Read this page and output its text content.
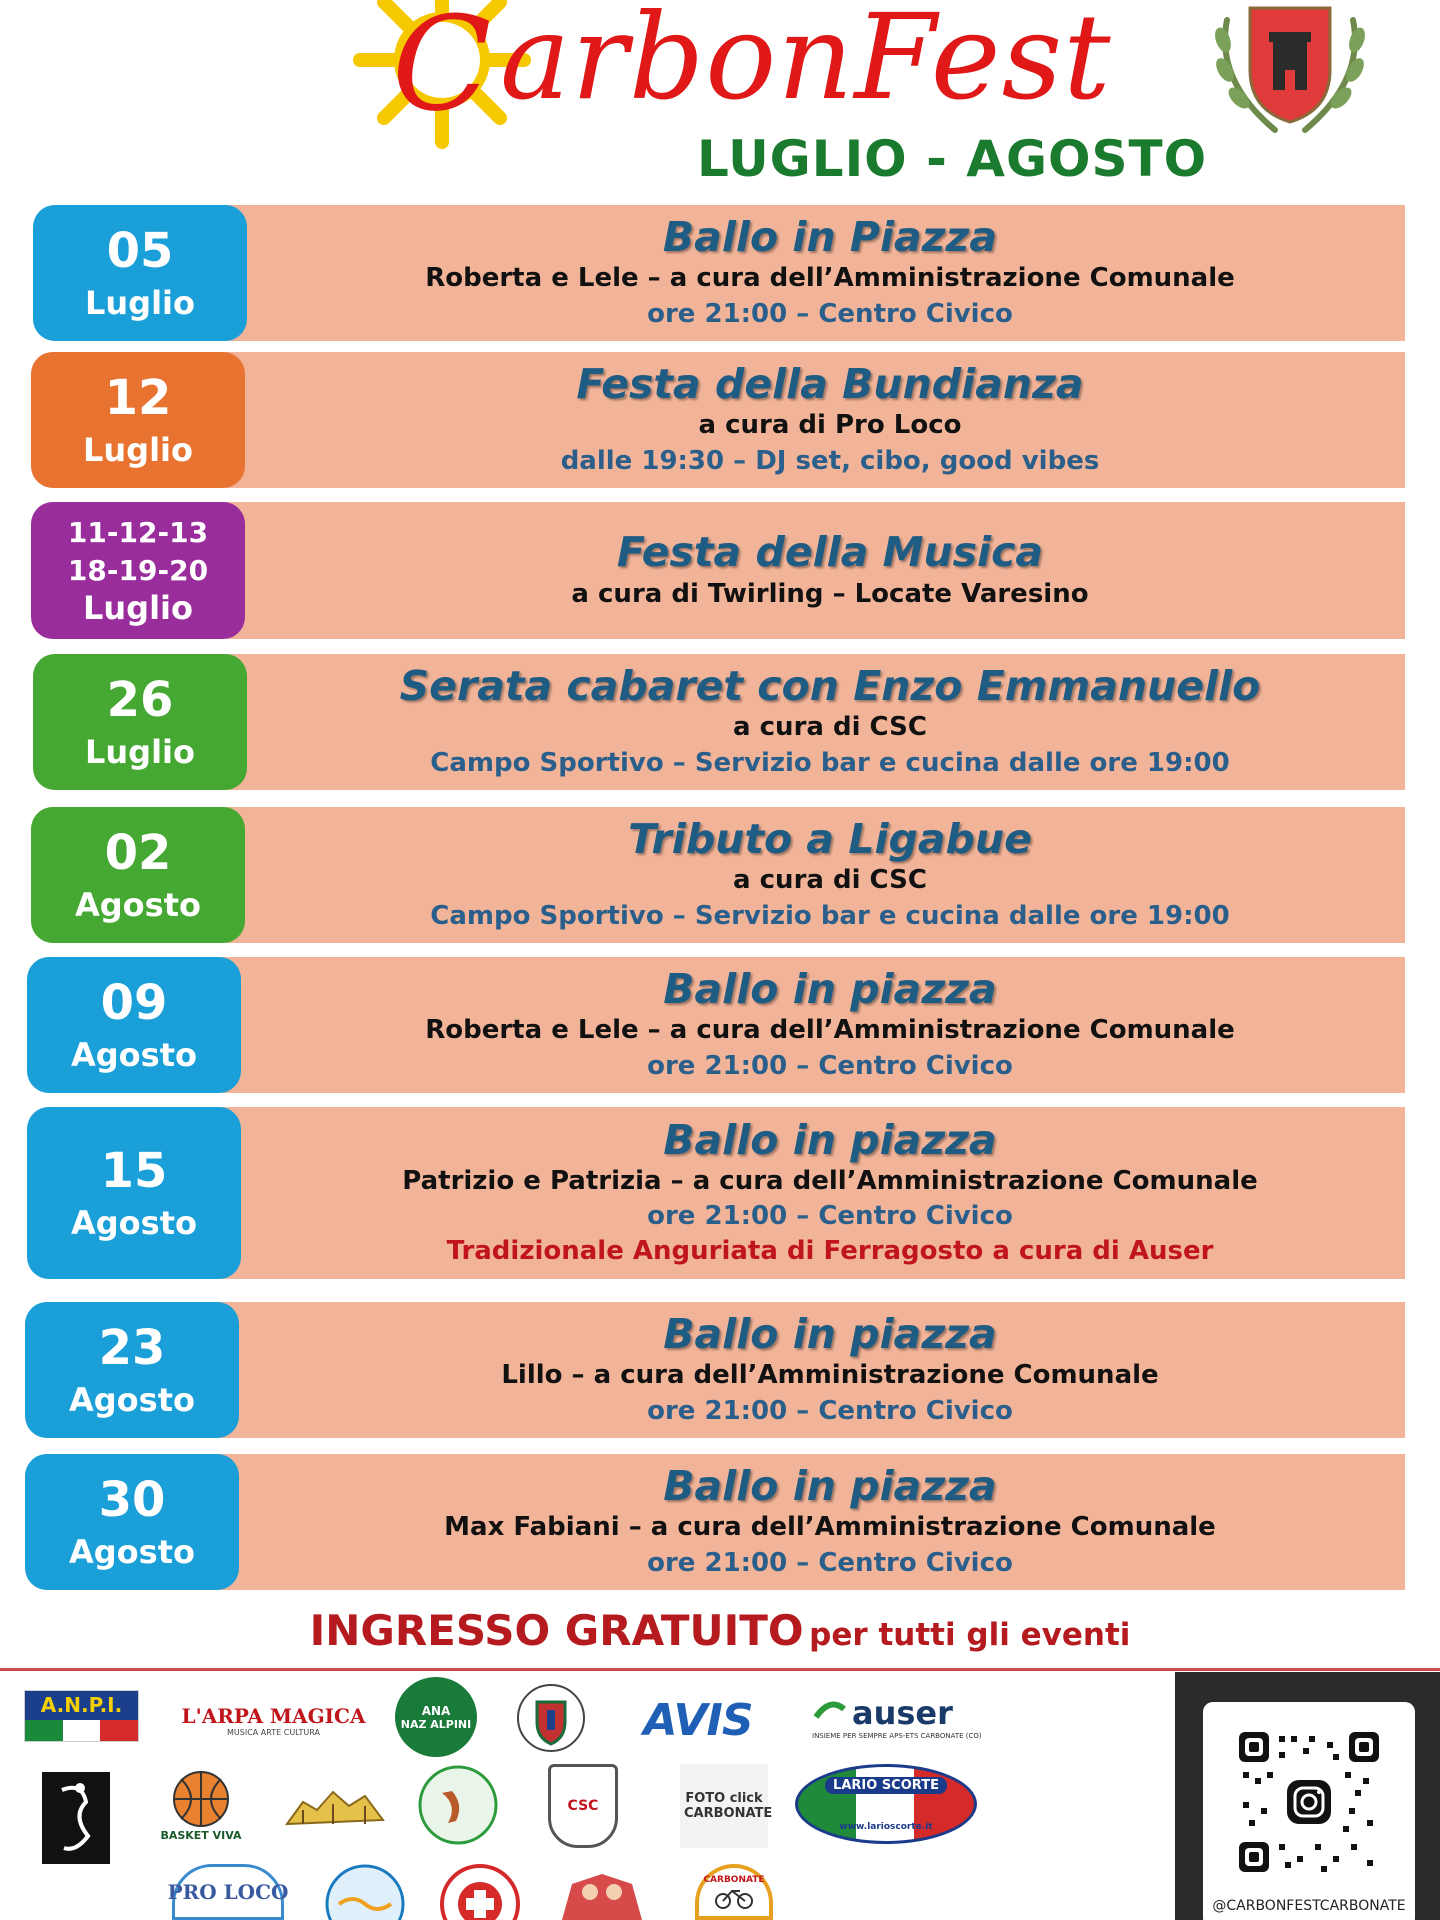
C arbonFest
LUGLIO - AGOSTO
05
Luglio
Ballo in Piazza
Roberta e Lele – a cura dell’Amministrazione Comunale
ore 21:00 – Centro Civico
12
Luglio
Festa della Bundianza
a cura di Pro Loco
dalle 19:30 – DJ set, cibo, good vibes
11-12-13
18-19-20
Luglio
Festa della Musica
a cura di Twirling – Locate Varesino
26
Luglio
Serata cabaret con Enzo Emmanuello
a cura di CSC
Campo Sportivo – Servizio bar e cucina dalle ore 19:00
02
Agosto
Tributo a Ligabue
a cura di CSC
Campo Sportivo – Servizio bar e cucina dalle ore 19:00
09
Agosto
Ballo in piazza
Roberta e Lele – a cura dell’Amministrazione Comunale
ore 21:00 – Centro Civico
15
Agosto
Ballo in piazza
Patrizio e Patrizia – a cura dell’Amministrazione Comunale
ore 21:00 – Centro Civico
Tradizionale Anguriata di Ferragosto a cura di Auser
23
Agosto
Ballo in piazza
Lillo – a cura dell’Amministrazione Comunale
ore 21:00 – Centro Civico
30
Agosto
Ballo in piazza
Max Fabiani – a cura dell’Amministrazione Comunale
ore 21:00 – Centro Civico
INGRESSO GRATUITO per tutti gli eventi
A.N.P.I.	L'ARPA MAGICA
MUSICA ARTE CULTURA
ANA
NAZ ALPINI	AVIS	auser
INSIEME PER SEMPRE APS-ETS CARBONATE (CO)
BASKET VIVA
CSC	FOTO click CARBONATE
LARIO SCORTE
www.larioscorte.it
PRO LOCO	CARBONATE
@CARBONFESTCARBONATE
